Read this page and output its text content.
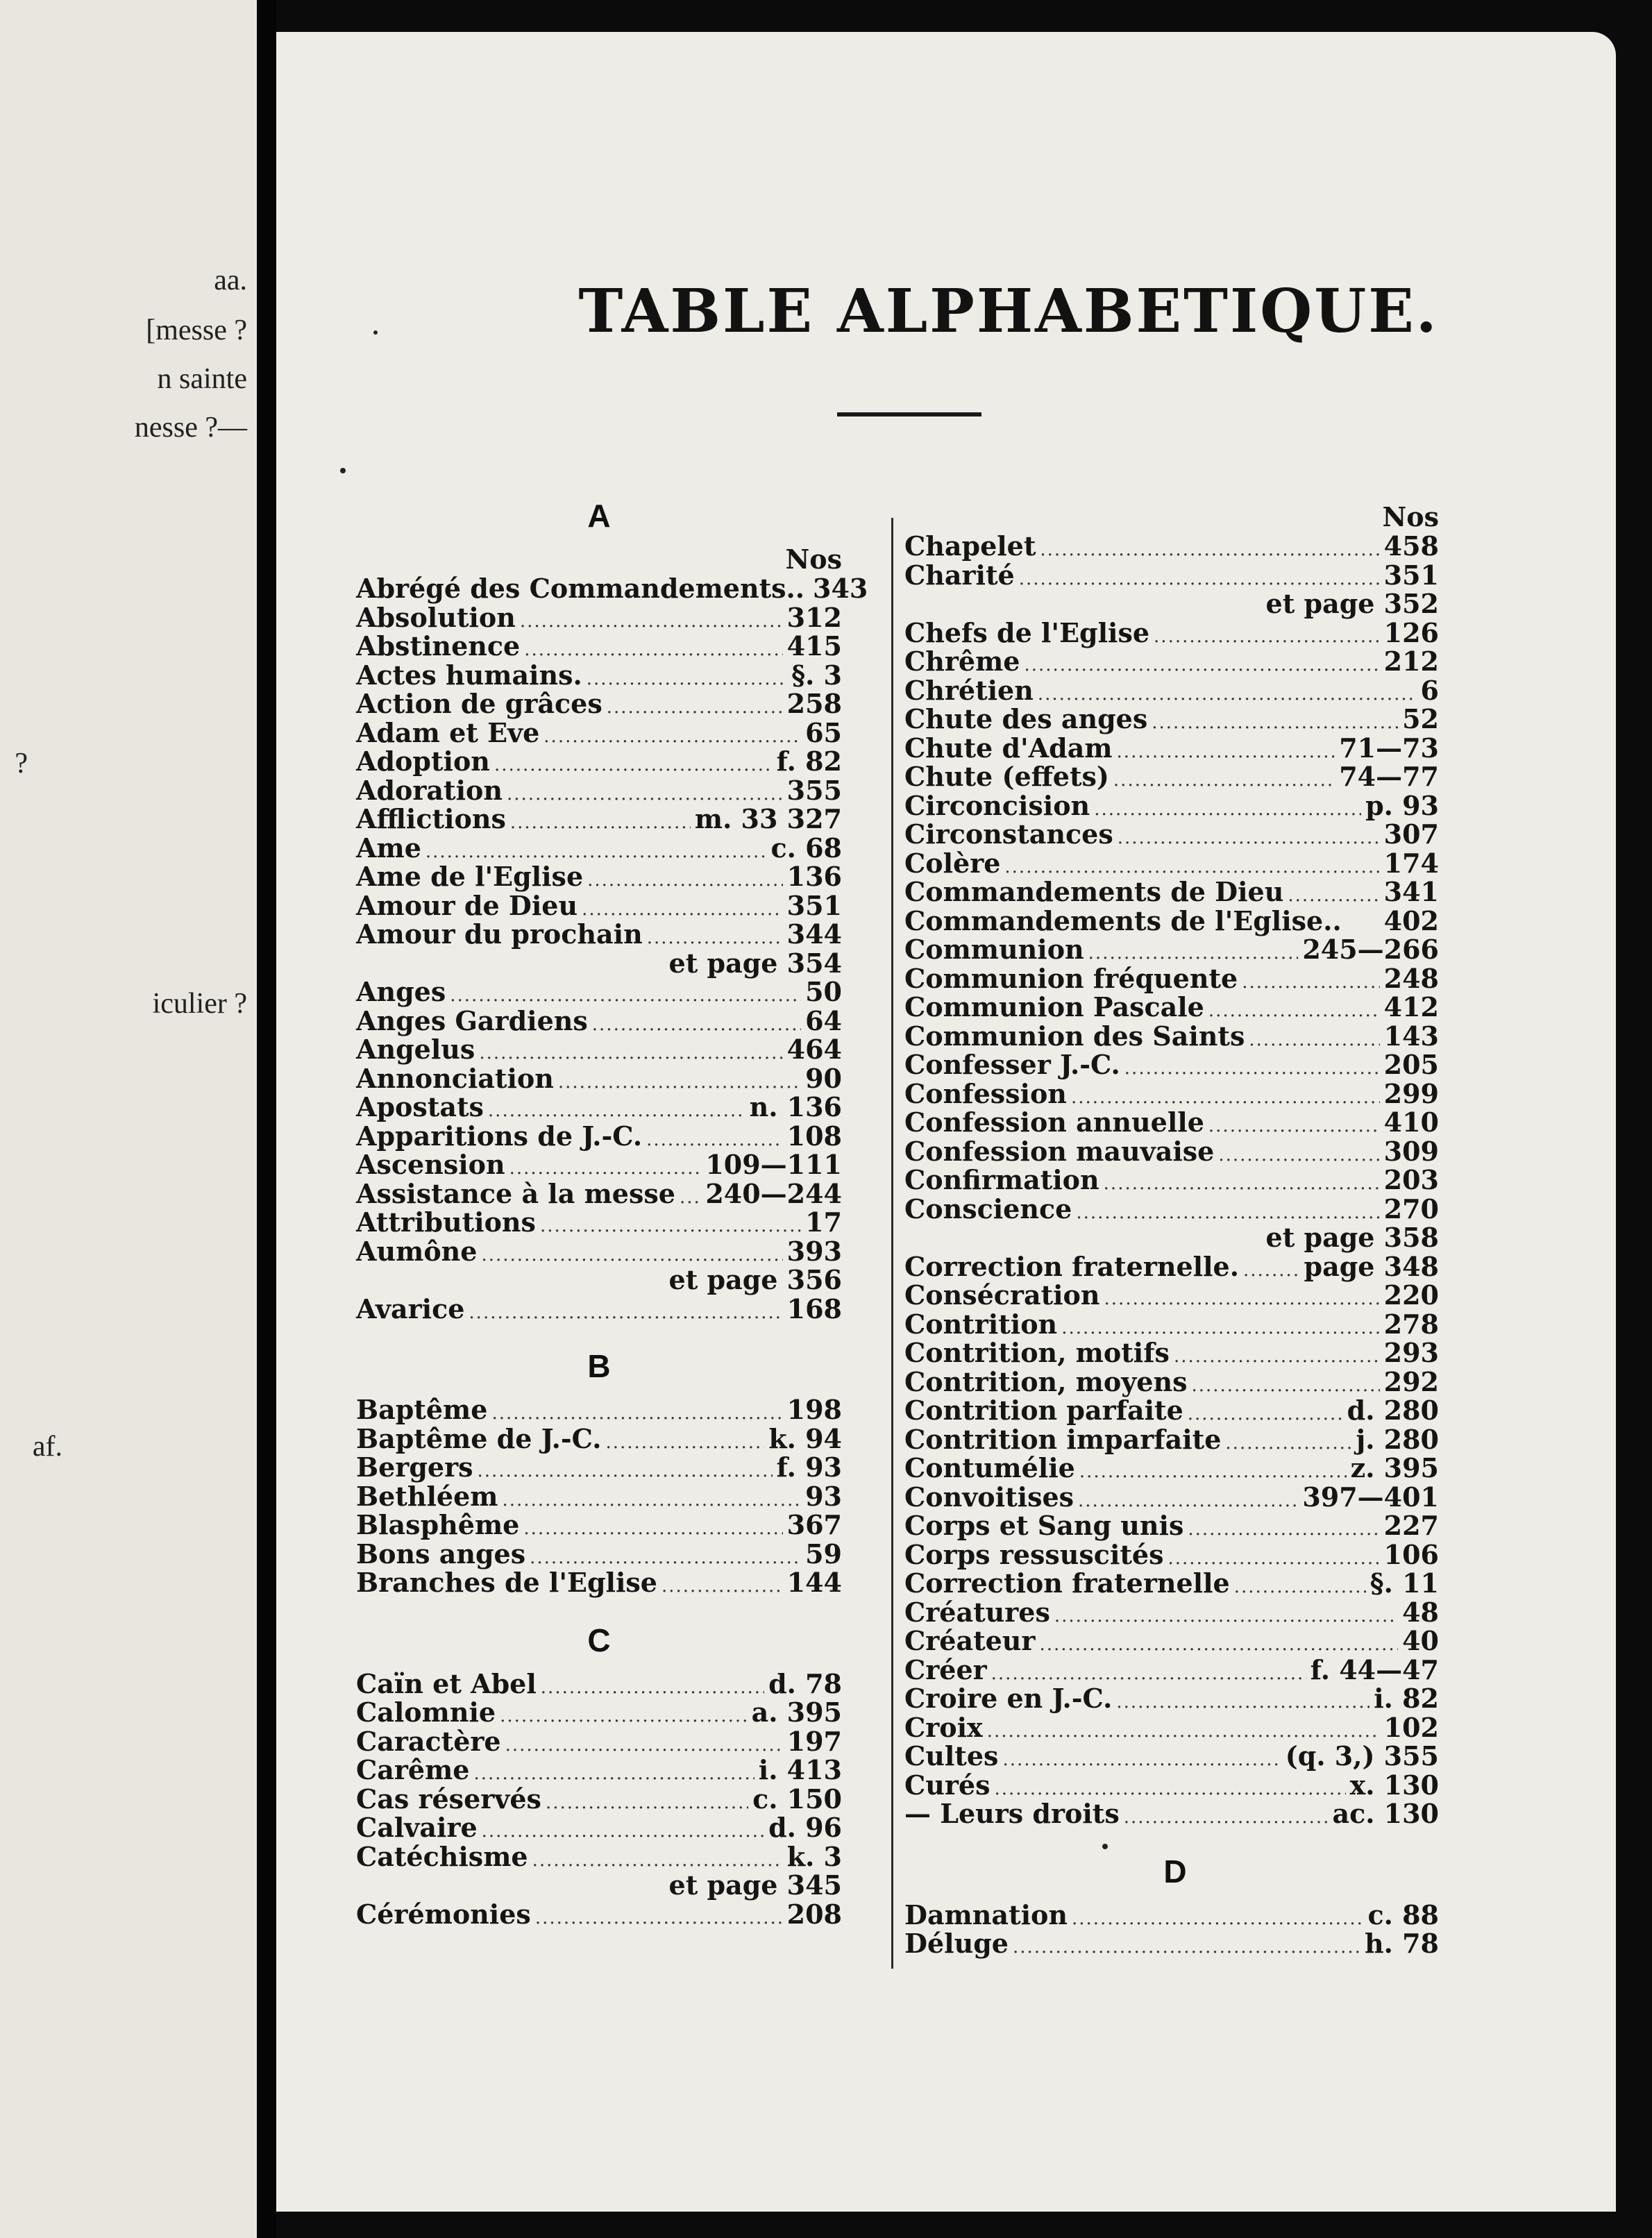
aa.
[messe ?
n sainte
nesse ?—
?
iculier ?
af.
TABLE ALPHABETIQUE.
A
Nos
Abrégé des Commandements.. 343
Absolution .....	312
Abstinence .....	415
Actes humains. .....	§. 3
Action de grâces .....	258
Adam et Eve .....	65
Adoption .....	f. 82
Adoration .....	355
Afflictions .....	m. 33 327
Ame .....	c. 68
Ame de l'Eglise .....	136
Amour de Dieu .....	351
Amour du prochain .....	344
et page 354
Anges .....	50
Anges Gardiens .....	64
Angelus .....	464
Annonciation .....	90
Apostats .....	n. 136
Apparitions de J.-C. .....	108
Ascension .....	109—111
Assistance à la messe ..... 240—244
Attributions .....	17
Aumône .....	393
et page 356
Avarice .....	168
B
Baptême .....	198
Baptême de J.-C. .....	k. 94
Bergers .....	f. 93
Bethléem .....	93
Blasphême .....	367
Bons anges .....	59
Branches de l'Eglise .....	144
C
Caïn et Abel .....	d. 78
Calomnie .....	a. 395
Caractère .....	197
Carême .....	i. 413
Cas réservés .....	c. 150
Calvaire .....	d. 96
Catéchisme .....	k. 3
et page 345
Cérémonies .....	208
Nos
Chapelet .....	458
Charité .....	351
et page 352
Chefs de l'Eglise .....	126
Chrême .....	212
Chrétien .....	6
Chute des anges .....	52
Chute d'Adam .....	71—73
Chute (effets) .....	74—77
Circoncision .....	p. 93
Circonstances .....	307
Colère .....	174
Commandements de Dieu .....	341
Commandements de l'Eglise.. 402
Communion .....	245—266
Communion fréquente .....	248
Communion Pascale .....	412
Communion des Saints .....	143
Confesser J.-C. .....	205
Confession .....	299
Confession annuelle .....	410
Confession mauvaise .....	309
Confirmation .....	203
Conscience .....	270
et page 358
Correction fraternelle. ..... page 348
Consécration .....	220
Contrition .....	278
Contrition, motifs .....	293
Contrition, moyens .....	292
Contrition parfaite .....	d. 280
Contrition imparfaite .....	j. 280
Contumélie .....	z. 395
Convoitises .....	397—401
Corps et Sang unis .....	227
Corps ressuscités .....	106
Correction fraternelle .....	§. 11
Créatures .....	48
Créateur .....	40
Créer .....	f. 44—47
Croire en J.-C. .....	i. 82
Croix .....	102
Cultes .....	(q. 3,) 355
Curés .....	x. 130
— Leurs droits .....	ac. 130
D
Damnation .....	c. 88
Déluge .....	h. 78
